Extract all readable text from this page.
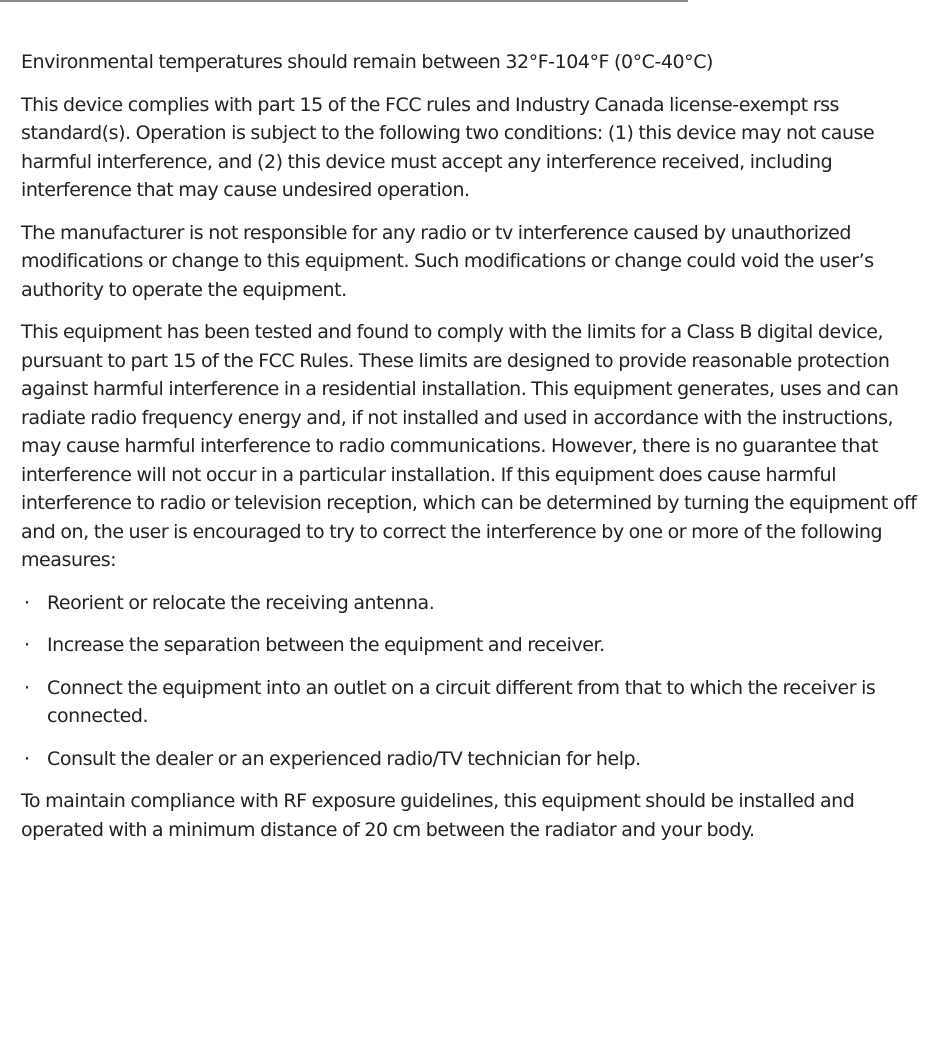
Environmental temperatures should remain between 32°F-104°F (0°C-40°C)

This device complies with part 15 of the FCC rules and Industry Canada license-exempt rss standard(s). Operation is subject to the following two conditions: (1) this device may not cause harmful interference, and (2) this device must accept any interference received, including interference that may cause undesired operation.

The manufacturer is not responsible for any radio or tv interference caused by unauthorized modifications or change to this equipment. Such modifications or change could void the user’s authority to operate the equipment.

This equipment has been tested and found to comply with the limits for a Class B digital device, pursuant to part 15 of the FCC Rules. These limits are designed to provide reasonable protection against harmful interference in a residential installation. This equipment generates, uses and can radiate radio frequency energy and, if not installed and used in accordance with the instructions, may cause harmful interference to radio communications. However, there is no guarantee that interference will not occur in a particular installation. If this equipment does cause harmful interference to radio or television reception, which can be determined by turning the equipment off and on, the user is encouraged to try to correct the interference by one or more of the following measures:

· Reorient or relocate the receiving antenna.
· Increase the separation between the equipment and receiver.
· Connect the equipment into an outlet on a circuit different from that to which the receiver is connected.
· Consult the dealer or an experienced radio/TV technician for help.

To maintain compliance with RF exposure guidelines, this equipment should be installed and operated with a minimum distance of 20 cm between the radiator and your body.
